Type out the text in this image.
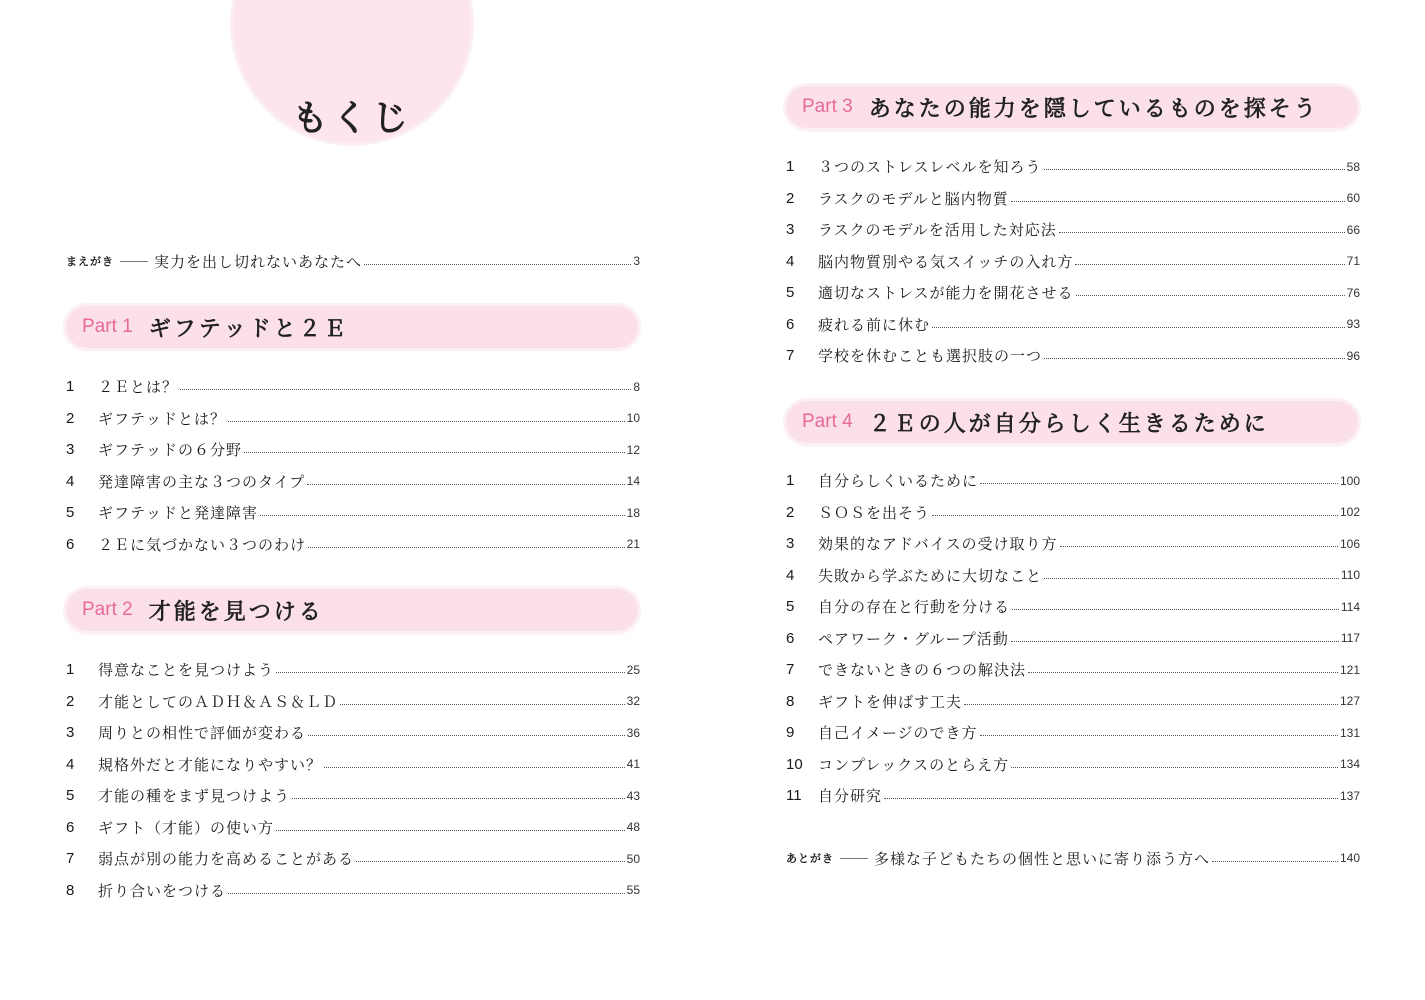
もくじ
まえがき	実力を出し切れないあなたへ	3
Part 1 ギフテッドと２Ｅ
1	２Ｅとは？	8
2	ギフテッドとは？	10
3	ギフテッドの６分野	12
4	発達障害の主な３つのタイプ	14
5	ギフテッドと発達障害	18
6	２Ｅに気づかない３つのわけ	21
Part 2 才能を見つける
1	得意なことを見つけよう	25
2	才能としてのＡＤＨ＆ＡＳ＆ＬＤ	32
3	周りとの相性で評価が変わる	36
4	規格外だと才能になりやすい？	41
5	才能の種をまず見つけよう	43
6	ギフト（才能）の使い方	48
7	弱点が別の能力を高めることがある	50
8	折り合いをつける	55
Part 3 あなたの能力を隠しているものを探そう
1	３つのストレスレベルを知ろう	58
2	ラスクのモデルと脳内物質	60
3	ラスクのモデルを活用した対応法	66
4	脳内物質別やる気スイッチの入れ方	71
5	適切なストレスが能力を開花させる	76
6	疲れる前に休む	93
7	学校を休むことも選択肢の一つ	96
Part 4 ２Ｅの人が自分らしく生きるために
1	自分らしくいるために	100
2	ＳＯＳを出そう	102
3	効果的なアドバイスの受け取り方	106
4	失敗から学ぶために大切なこと	110
5	自分の存在と行動を分ける	114
6	ペアワーク・グループ活動	117
7	できないときの６つの解決法	121
8	ギフトを伸ばす工夫	127
9	自己イメージのでき方	131
10	コンプレックスのとらえ方	134
11	自分研究	137
あとがき	多様な子どもたちの個性と思いに寄り添う方へ	140
